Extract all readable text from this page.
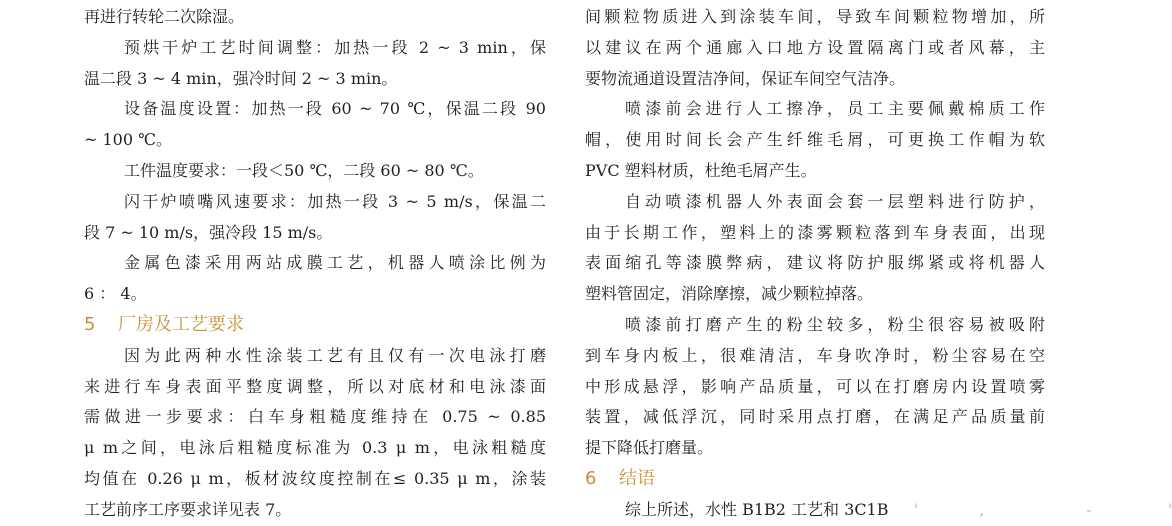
再进行转轮二次除湿。
预烘干炉工艺时间调整：加热一段 2 ~ 3 min，保
温二段 3 ~ 4 min，强冷时间 2 ~ 3 min。
设备温度设置：加热一段 60 ~ 70 ℃，保温二段 90
~ 100 ℃。
工件温度要求：一段＜50 ℃，二段 60 ~ 80 ℃。
闪干炉喷嘴风速要求：加热一段 3 ~ 5 m/s，保温二
段 7 ~ 10 m/s，强冷段 15 m/s。
金属色漆采用两站成膜工艺，机器人喷涂比例为
6 ： 4。
5 厂房及工艺要求
因为此两种水性涂装工艺有且仅有一次电泳打磨
来进行车身表面平整度调整，所以对底材和电泳漆面
需做进一步要求：白车身粗糙度维持在 0.75 ~ 0.85
μ m之间，电泳后粗糙度标准为 0.3 μ m，电泳粗糙度
均值在 0.26 μ m，板材波纹度控制在≤ 0.35 μ m，涂装
工艺前序工序要求详见表 7。
间颗粒物质进入到涂装车间，导致车间颗粒物增加，所
以建议在两个通廊入口地方设置隔离门或者风幕，主
要物流通道设置洁净间，保证车间空气洁净。
喷漆前会进行人工擦净，员工主要佩戴棉质工作
帽，使用时间长会产生纤维毛屑，可更换工作帽为软
PVC 塑料材质，杜绝毛屑产生。
自动喷漆机器人外表面会套一层塑料进行防护，
由于长期工作，塑料上的漆雾颗粒落到车身表面，出现
表面缩孔等漆膜弊病，建议将防护服绑紧或将机器人
塑料管固定，消除摩擦，减少颗粒掉落。
喷漆前打磨产生的粉尘较多，粉尘很容易被吸附
到车身内板上，很难清洁，车身吹净时，粉尘容易在空
中形成悬浮，影响产品质量，可以在打磨房内设置喷雾
装置，减低浮沉，同时采用点打磨，在满足产品质量前
提下降低打磨量。
6 结语
综上所述，水性 B1B2 工艺和 3C1B     '            ,                    -               '
